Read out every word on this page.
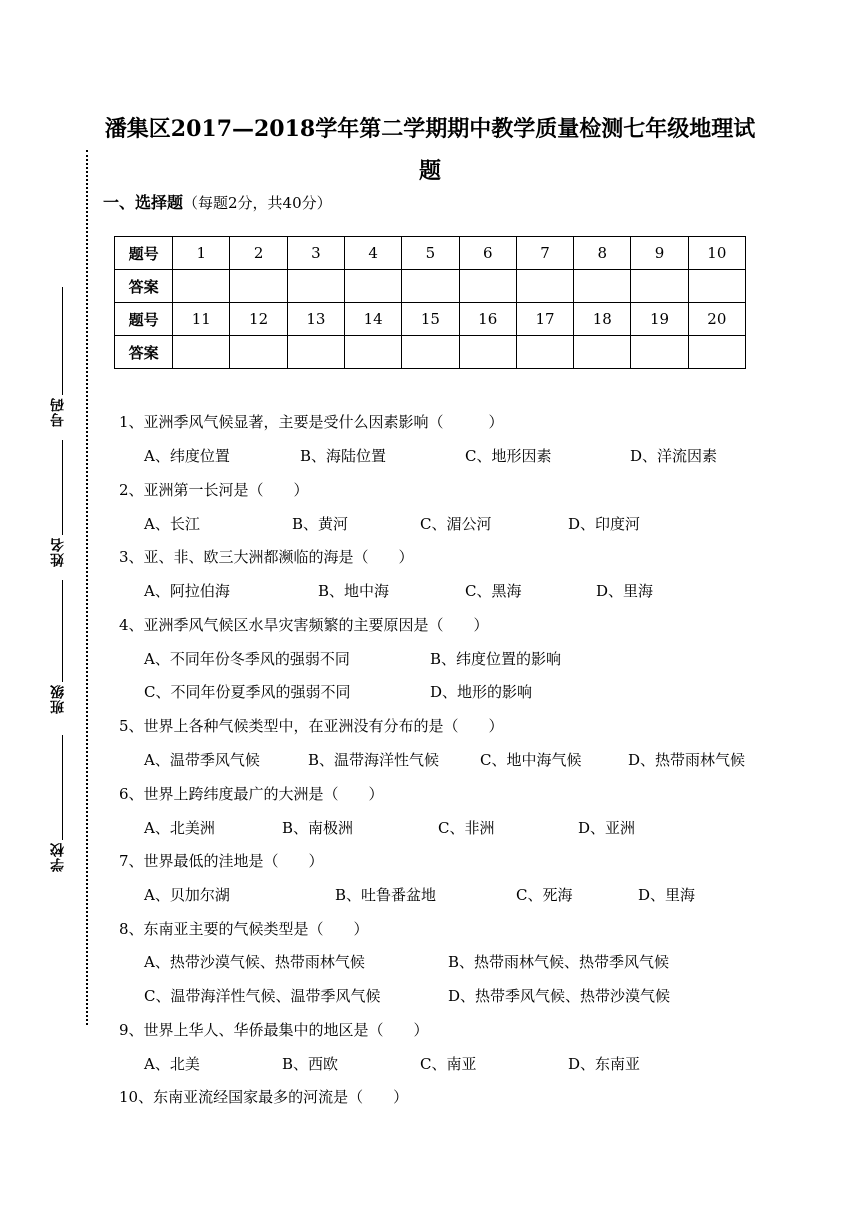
号码
姓名
班级
学校
潘集区2017—2018学年第二学期期中教学质量检测七年级地理试
题
一、选择题（每题2分，共40分）
题号	1	2	3	4	5	6	7	8	9	10
答案										
题号	11	12	13	14	15	16	17	18	19	20
答案										
1、亚洲季风气候显著，主要是受什么因素影响（　　　）
A、纬度位置	B、海陆位置	C、地形因素	D、洋流因素
2、亚洲第一长河是（　　）
A、长江	B、黄河	C、湄公河	D、印度河
3、亚、非、欧三大洲都濒临的海是（　　）
A、阿拉伯海	B、地中海	C、黑海	D、里海
4、亚洲季风气候区水旱灾害频繁的主要原因是（　　）
A、不同年份冬季风的强弱不同	B、纬度位置的影响
C、不同年份夏季风的强弱不同	D、地形的影响
5、世界上各种气候类型中，在亚洲没有分布的是（　　）
A、温带季风气候	B、温带海洋性气候	C、地中海气候	D、热带雨林气候
6、世界上跨纬度最广的大洲是（　　）
A、北美洲	B、南极洲	C、非洲	D、亚洲
7、世界最低的洼地是（　　）
A、贝加尔湖	B、吐鲁番盆地	C、死海	D、里海
8、东南亚主要的气候类型是（　　）
A、热带沙漠气候、热带雨林气候	B、热带雨林气候、热带季风气候
C、温带海洋性气候、温带季风气候	D、热带季风气候、热带沙漠气候
9、世界上华人、华侨最集中的地区是（　　）
A、北美	B、西欧	C、南亚	D、东南亚
10、东南亚流经国家最多的河流是（　　）
